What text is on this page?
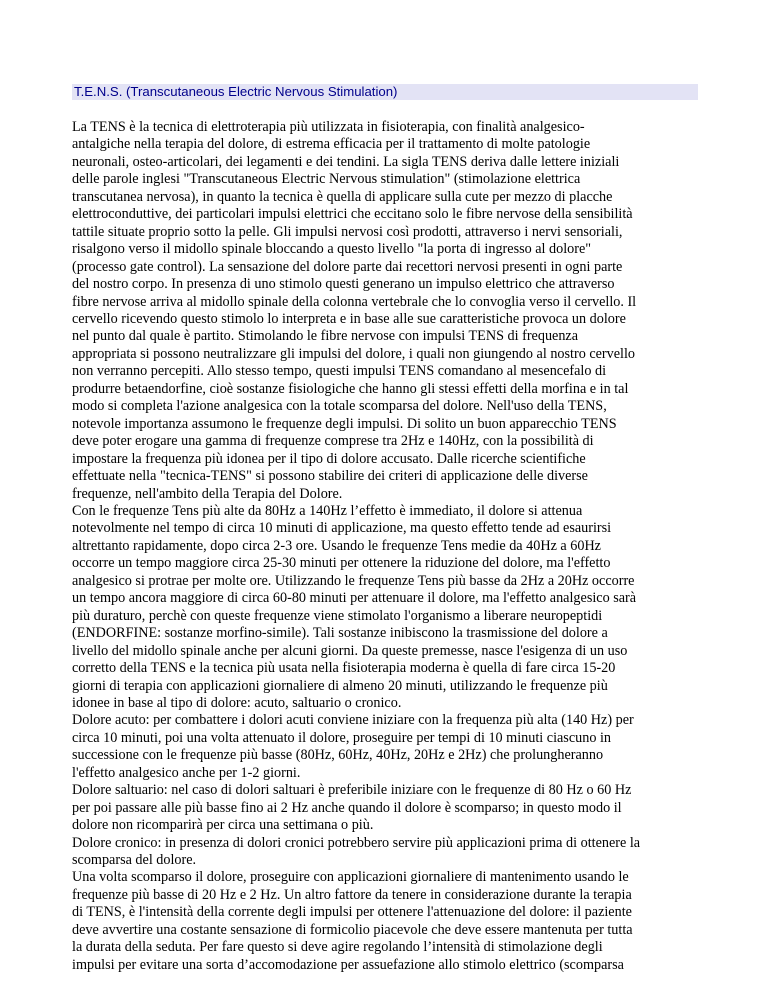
T.E.N.S. (Transcutaneous Electric Nervous Stimulation)
La TENS è la tecnica di elettroterapia più utilizzata in fisioterapia, con finalità analgesico-
antalgiche nella terapia del dolore, di estrema efficacia per il trattamento di molte patologie
neuronali, osteo-articolari, dei legamenti e dei tendini. La sigla TENS deriva dalle lettere iniziali
delle parole inglesi "Transcutaneous Electric Nervous stimulation" (stimolazione elettrica
transcutanea nervosa), in quanto la tecnica è quella di applicare sulla cute per mezzo di placche
elettroconduttive, dei particolari impulsi elettrici che eccitano solo le fibre nervose della sensibilità
tattile situate proprio sotto la pelle. Gli impulsi nervosi così prodotti, attraverso i nervi sensoriali,
risalgono verso il midollo spinale bloccando a questo livello "la porta di ingresso al dolore"
(processo gate control). La sensazione del dolore parte dai recettori nervosi presenti in ogni parte
del nostro corpo. In presenza di uno stimolo questi generano un impulso elettrico che attraverso
fibre nervose arriva al midollo spinale della colonna vertebrale che lo convoglia verso il cervello. Il
cervello ricevendo questo stimolo lo interpreta e in base alle sue caratteristiche provoca un dolore
nel punto dal quale è partito. Stimolando le fibre nervose con impulsi TENS di frequenza
appropriata si possono neutralizzare gli impulsi del dolore, i quali non giungendo al nostro cervello
non verranno percepiti. Allo stesso tempo, questi impulsi TENS comandano al mesencefalo di
produrre betaendorfine, cioè sostanze fisiologiche che hanno gli stessi effetti della morfina e in tal
modo si completa l'azione analgesica con la totale scomparsa del dolore. Nell'uso della TENS,
notevole importanza assumono le frequenze degli impulsi. Di solito un buon apparecchio TENS
deve poter erogare una gamma di frequenze comprese tra 2Hz e 140Hz, con la possibilità di
impostare la frequenza più idonea per il tipo di dolore accusato. Dalle ricerche scientifiche
effettuate nella "tecnica-TENS" si possono stabilire dei criteri di applicazione delle diverse
frequenze, nell'ambito della Terapia del Dolore.
Con le frequenze Tens più alte da 80Hz a 140Hz l’effetto è immediato, il dolore si attenua
notevolmente nel tempo di circa 10 minuti di applicazione, ma questo effetto tende ad esaurirsi
altrettanto rapidamente, dopo circa 2-3 ore. Usando le frequenze Tens medie da 40Hz a 60Hz
occorre un tempo maggiore circa 25-30 minuti per ottenere la riduzione del dolore, ma l'effetto
analgesico si protrae per molte ore. Utilizzando le frequenze Tens più basse da 2Hz a 20Hz occorre
un tempo ancora maggiore di circa 60-80 minuti per attenuare il dolore, ma l'effetto analgesico sarà
più duraturo, perchè con queste frequenze viene stimolato l'organismo a liberare neuropeptidi
(ENDORFINE: sostanze morfino-simile). Tali sostanze inibiscono la trasmissione del dolore a
livello del midollo spinale anche per alcuni giorni. Da queste premesse, nasce l'esigenza di un uso
corretto della TENS e la tecnica più usata nella fisioterapia moderna è quella di fare circa 15-20
giorni di terapia con applicazioni giornaliere di almeno 20 minuti, utilizzando le frequenze più
idonee in base al tipo di dolore: acuto, saltuario o cronico.
Dolore acuto: per combattere i dolori acuti conviene iniziare con la frequenza più alta (140 Hz) per
circa 10 minuti, poi una volta attenuato il dolore, proseguire per tempi di 10 minuti ciascuno in
successione con le frequenze più basse (80Hz, 60Hz, 40Hz, 20Hz e 2Hz) che prolungheranno
l'effetto analgesico anche per 1-2 giorni.
Dolore saltuario: nel caso di dolori saltuari è preferibile iniziare con le frequenze di 80 Hz o 60 Hz
per poi passare alle più basse fino ai 2 Hz anche quando il dolore è scomparso; in questo modo il
dolore non ricomparirà per circa una settimana o più.
Dolore cronico: in presenza di dolori cronici potrebbero servire più applicazioni prima di ottenere la
scomparsa del dolore.
Una volta scomparso il dolore, proseguire con applicazioni giornaliere di mantenimento usando le
frequenze più basse di 20 Hz e 2 Hz. Un altro fattore da tenere in considerazione durante la terapia
di TENS, è l'intensità della corrente degli impulsi per ottenere l'attenuazione del dolore: il paziente
deve avvertire una costante sensazione di formicolio piacevole che deve essere mantenuta per tutta
la durata della seduta. Per fare questo si deve agire regolando l’intensità di stimolazione degli
impulsi per evitare una sorta d’accomodazione per assuefazione allo stimolo elettrico (scomparsa
